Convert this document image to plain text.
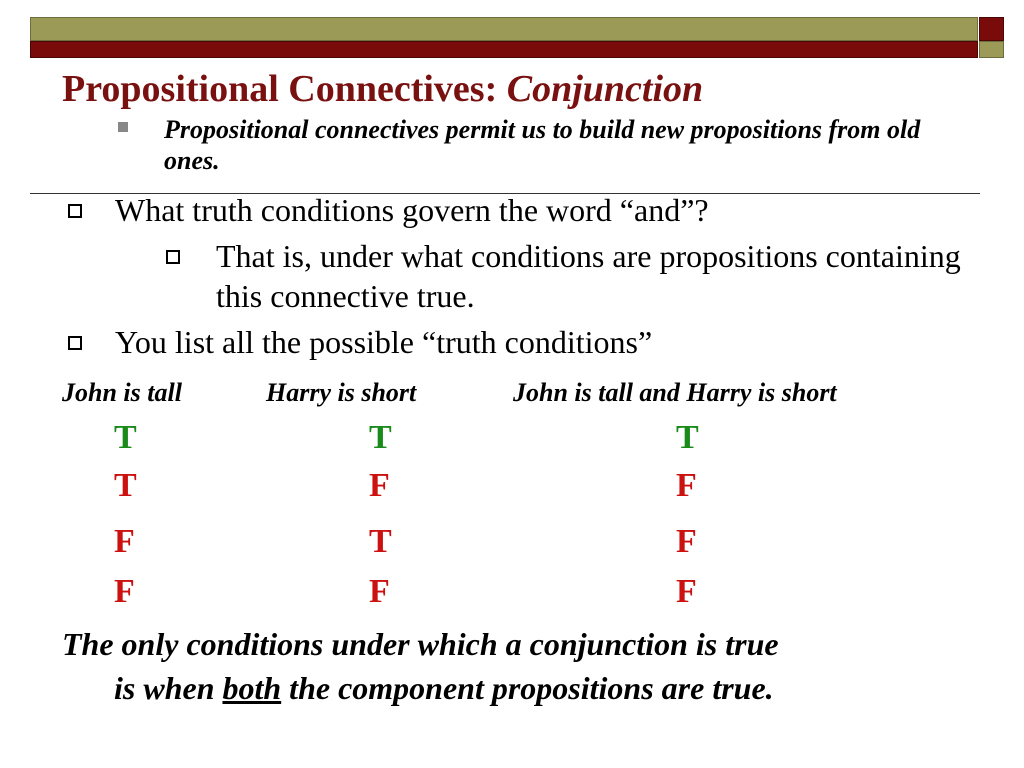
Propositional Connectives: Conjunction
Propositional connectives permit us to build new propositions from old ones.
What truth conditions govern the word “and”?
That is, under what conditions are propositions containing this connective true.
You list all the possible “truth conditions”
John is tall	Harry is short	John is tall and Harry is short
T	T	T
T	F	F
F	T	F
F	F	F
The only conditions under which a conjunction is true
is when both the component propositions are true.
